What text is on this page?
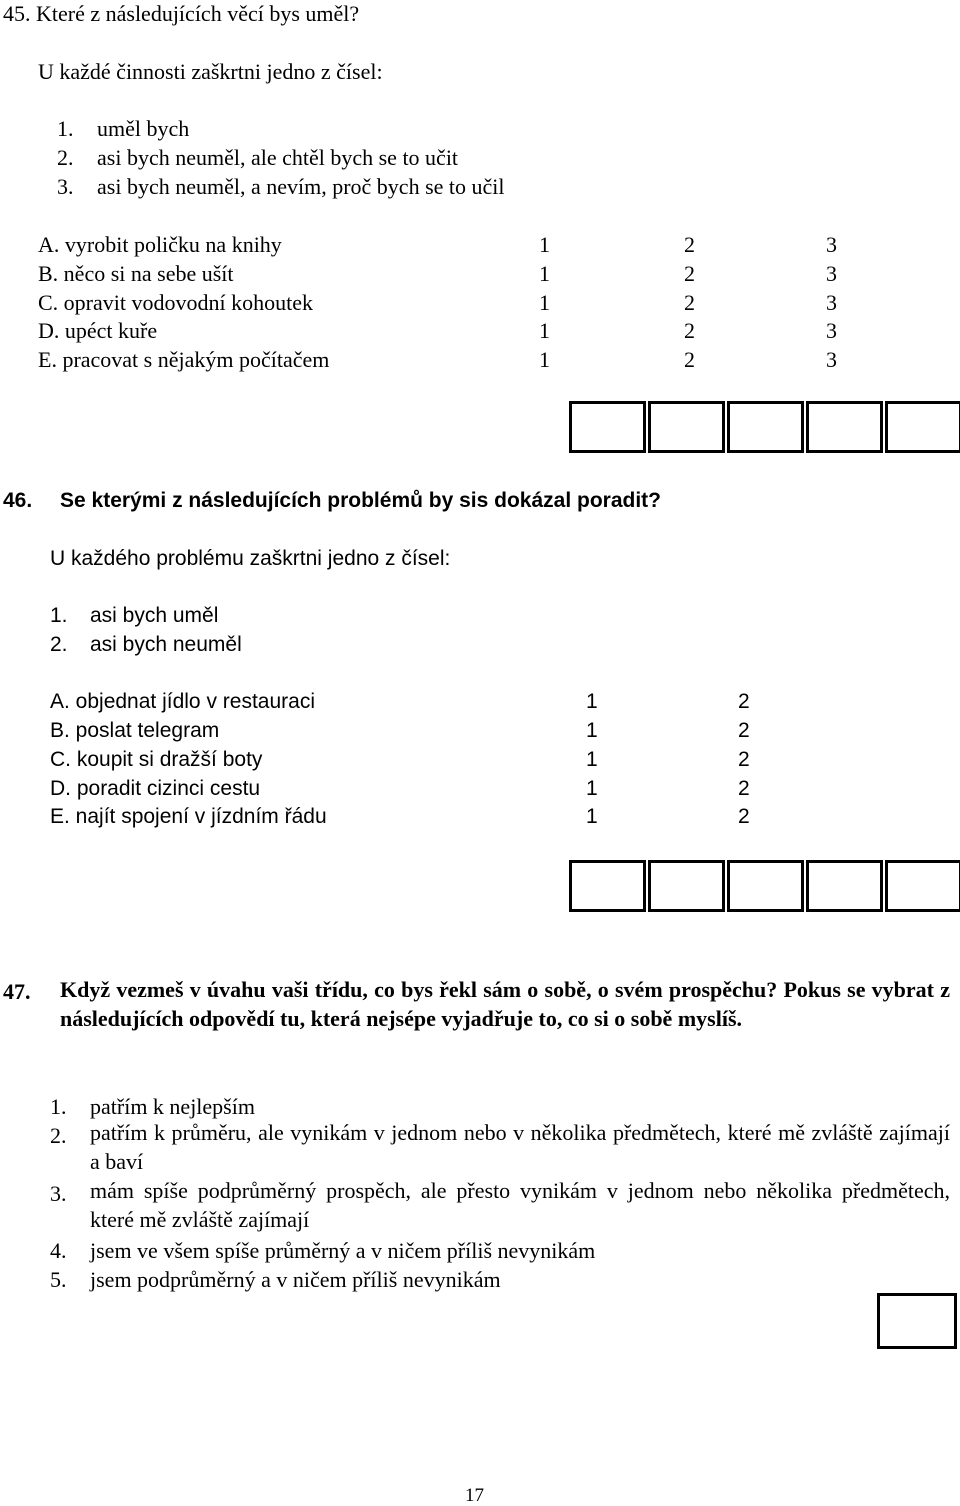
45. Které z následujících věcí bys uměl?
U každé činnosti zaškrtni jedno z čísel:
1. uměl bych
2. asi bych neuměl, ale chtěl bych se to učit
3. asi bych neuměl, a nevím, proč bych se to učil
A. vyrobit poličku na knihy	1	2	3
B. něco si na sebe ušít	1	2	3
C. opravit vodovodní kohoutek	1	2	3
D. upéct kuře	1	2	3
E. pracovat s nějakým počítačem	1	2	3
46. Se kterými z následujících problémů by sis dokázal poradit?
U každého problému zaškrtni jedno z čísel:
1. asi bych uměl
2. asi bych neuměl
A. objednat jídlo v restauraci	1	2
B. poslat telegram	1	2
C. koupit si dražší boty	1	2
D. poradit cizinci cestu	1	2
E. najít spojení v jízdním řádu	1	2
47. Když vezmeš v úvahu vaši třídu, co bys řekl sám o sobě, o svém prospěchu? Pokus se vybrat z následujících odpovědí tu, která nejsépe vyjadřuje to, co si o sobě myslíš.
1. patřím k nejlepším
2. patřím k průměru, ale vynikám v jednom nebo v několika předmětech, které mě zvláště zajímají a baví
3. mám spíše podprůměrný prospěch, ale přesto vynikám v jednom nebo několika předmětech, které mě zvláště zajímají
4. jsem ve všem spíše průměrný a v ničem příliš nevynikám
5. jsem podprůměrný a v ničem příliš nevynikám
17
